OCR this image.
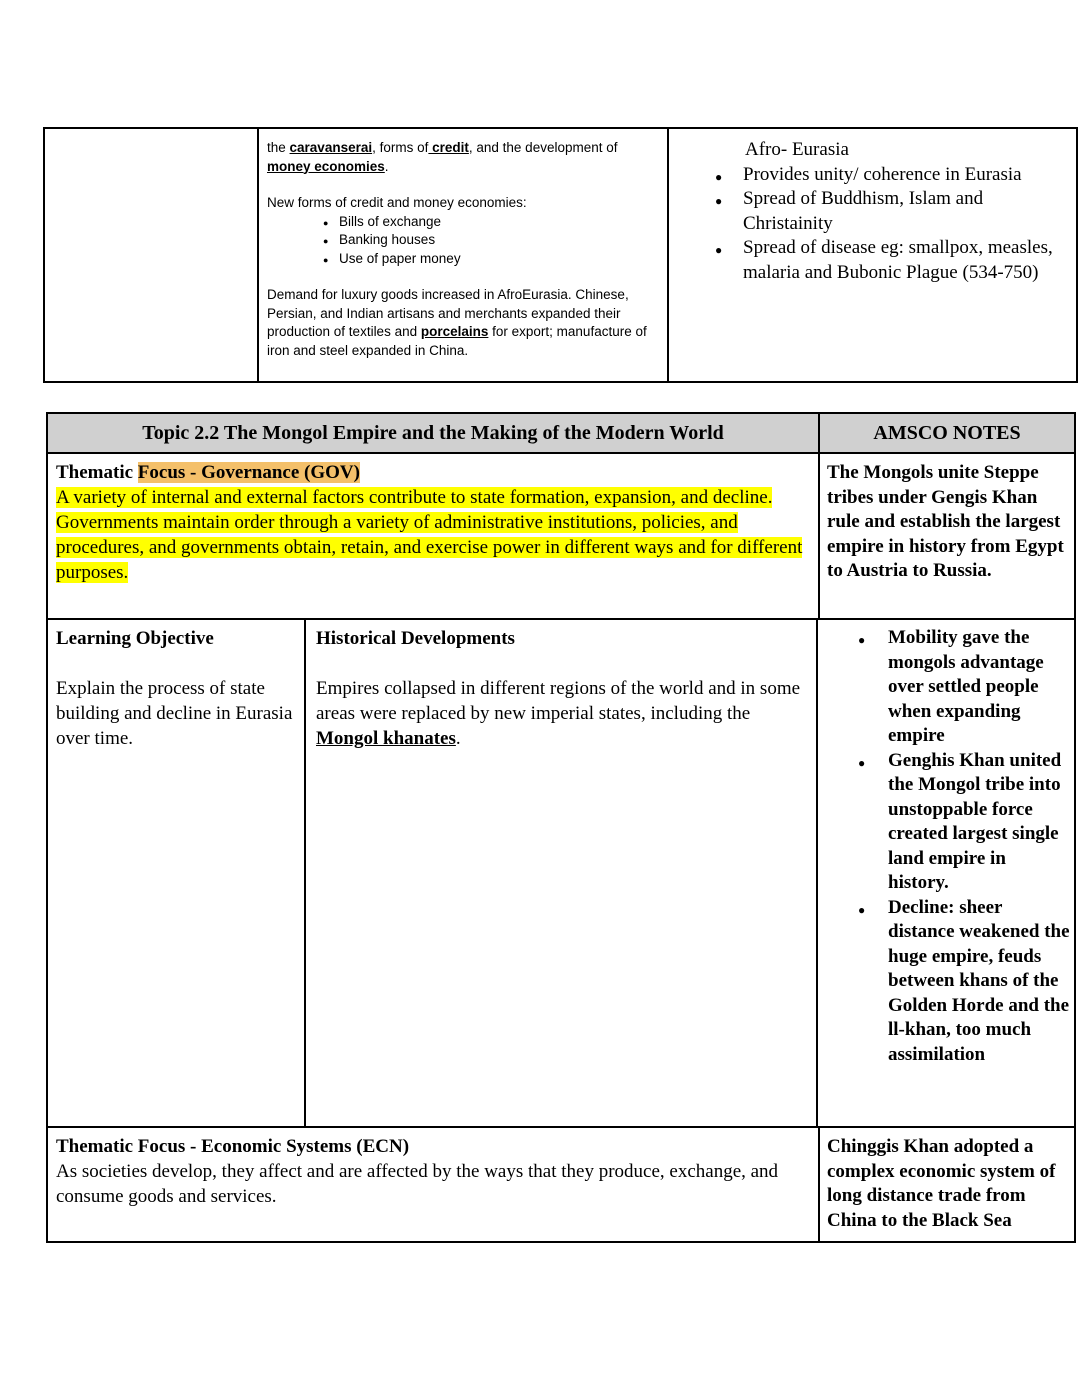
the caravanserai, forms of credit, and the development of money economies.

New forms of credit and money economies:

● Bills of exchange
● Banking houses
● Use of paper money

Demand for luxury goods increased in AfroEurasia. Chinese, Persian, and Indian artisans and merchants expanded their production of textiles and porcelains for export; manufacture of iron and steel expanded in China.

Afro- Eurasia
● Provides unity/ coherence in Eurasia
● Spread of Buddhism, Islam and Christainity
● Spread of disease eg: smallpox, measles, malaria and Bubonic Plague (534-750)
Topic 2.2 The Mongol Empire and the Making of the Modern World	AMSCO NOTES
Thematic Focus - Governance (GOV)
A variety of internal and external factors contribute to state formation, expansion, and decline. Governments maintain order through a variety of administrative institutions, policies, and procedures, and governments obtain, retain, and exercise power in different ways and for different purposes.
The Mongols unite Steppe tribes under Gengis Khan rule and establish the largest empire in history from Egypt to Austria to Russia.
Learning Objective
Explain the process of state building and decline in Eurasia over time.
Historical Developments
Empires collapsed in different regions of the world and in some areas were replaced by new imperial states, including the Mongol khanates.
● Mobility gave the mongols advantage over settled people when expanding empire
● Genghis Khan united the Mongol tribe into unstoppable force created largest single land empire in history.
● Decline: sheer distance weakened the huge empire, feuds between khans of the Golden Horde and the ll-khan, too much assimilation
Thematic Focus - Economic Systems (ECN)
As societies develop, they affect and are affected by the ways that they produce, exchange, and consume goods and services.
Chinggis Khan adopted a complex economic system of long distance trade from China to the Black Sea
